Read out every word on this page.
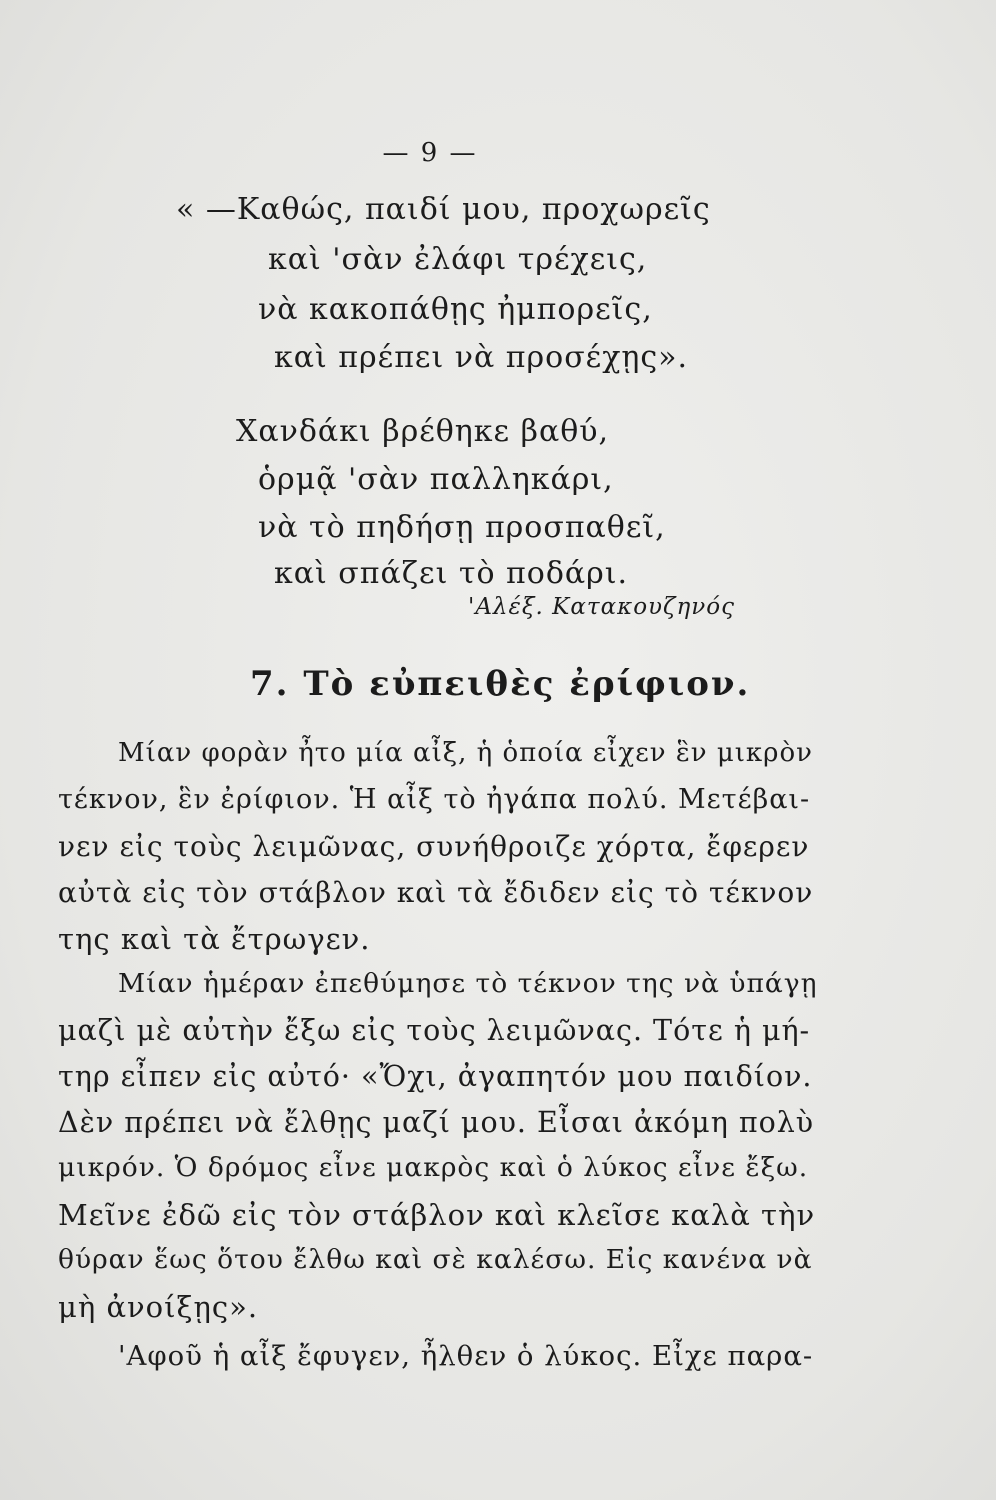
— 9 —
« —Καθώς, παιδί μου, προχωρεῖς
καὶ 'σὰν ἐλάφι τρέχεις,
νὰ κακοπάθῃς ἠμπορεῖς,
καὶ πρέπει νὰ προσέχῃς».
Χανδάκι βρέθηκε βαθύ,
ὁρμᾷ 'σὰν παλληκάρι,
νὰ τὸ πηδήσῃ προσπαθεῖ,
καὶ σπάζει τὸ ποδάρι.
'Αλέξ. Κατακουζηνός
7. Τὸ εὐπειθὲς ἐρίφιον.
Μίαν φορὰν ἦτο μία αἶξ, ἡ ὁποία εἶχεν ἓν μικρὸν
τέκνον, ἓν ἐρίφιον. Ἡ αἶξ τὸ ἠγάπα πολύ. Μετέβαι-
νεν εἰς τοὺς λειμῶνας, συνήθροιζε χόρτα, ἔφερεν
αὐτὰ εἰς τὸν στάβλον καὶ τὰ ἔδιδεν εἰς τὸ τέκνον
της καὶ τὰ ἔτρωγεν.
Μίαν ἡμέραν ἐπεθύμησε τὸ τέκνον της νὰ ὑπάγῃ
μαζὶ μὲ αὐτὴν ἔξω εἰς τοὺς λειμῶνας. Τότε ἡ μή-
τηρ εἶπεν εἰς αὐτό· «Ὄχι, ἀγαπητόν μου παιδίον.
Δὲν πρέπει νὰ ἔλθῃς μαζί μου. Εἶσαι ἀκόμη πολὺ
μικρόν. Ὁ δρόμος εἶνε μακρὸς καὶ ὁ λύκος εἶνε ἔξω.
Μεῖνε ἐδῶ εἰς τὸν στάβλον καὶ κλεῖσε καλὰ τὴν
θύραν ἕως ὅτου ἔλθω καὶ σὲ καλέσω. Εἰς κανένα νὰ
μὴ ἀνοίξῃς».
'Αφοῦ ἡ αἶξ ἔφυγεν, ἦλθεν ὁ λύκος. Εἶχε παρα-
